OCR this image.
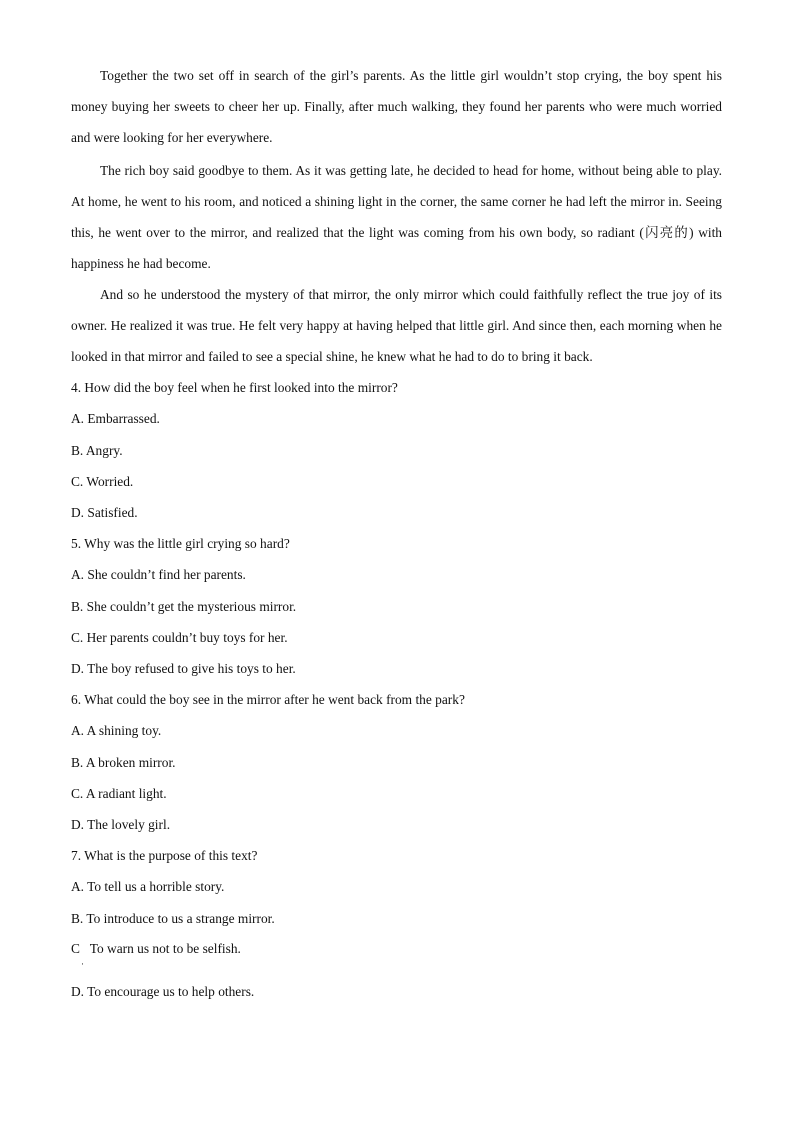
Together the two set off in search of the girl’s parents. As the little girl wouldn’t stop crying, the boy spent his money buying her sweets to cheer her up. Finally, after much walking, they found her parents who were much worried and were looking for her everywhere.

The rich boy said goodbye to them. As it was getting late, he decided to head for home, without being able to play. At home, he went to his room, and noticed a shining light in the corner, the same corner he had left the mirror in. Seeing this, he went over to the mirror, and realized that the light was coming from his own body, so radiant (闪亮的) with happiness he had become.

And so he understood the mystery of that mirror, the only mirror which could faithfully reflect the true joy of its owner. He realized it was true. He felt very happy at having helped that little girl. And since then, each morning when he looked in that mirror and failed to see a special shine, he knew what he had to do to bring it back.

4. How did the boy feel when he first looked into the mirror?

A. Embarrassed.

B. Angry.

C. Worried.

D. Satisfied.

5. Why was the little girl crying so hard?

A. She couldn’t find her parents.

B. She couldn’t get the mysterious mirror.

C. Her parents couldn’t buy toys for her.

D. The boy refused to give his toys to her.

6. What could the boy see in the mirror after he went back from the park?

A. A shining toy.

B. A broken mirror.

C. A radiant light.

D. The lovely girl.

7. What is the purpose of this text?

A. To tell us a horrible story.

B. To introduce to us a strange mirror.

C   To warn us not to be selfish.

·

D. To encourage us to help others.
